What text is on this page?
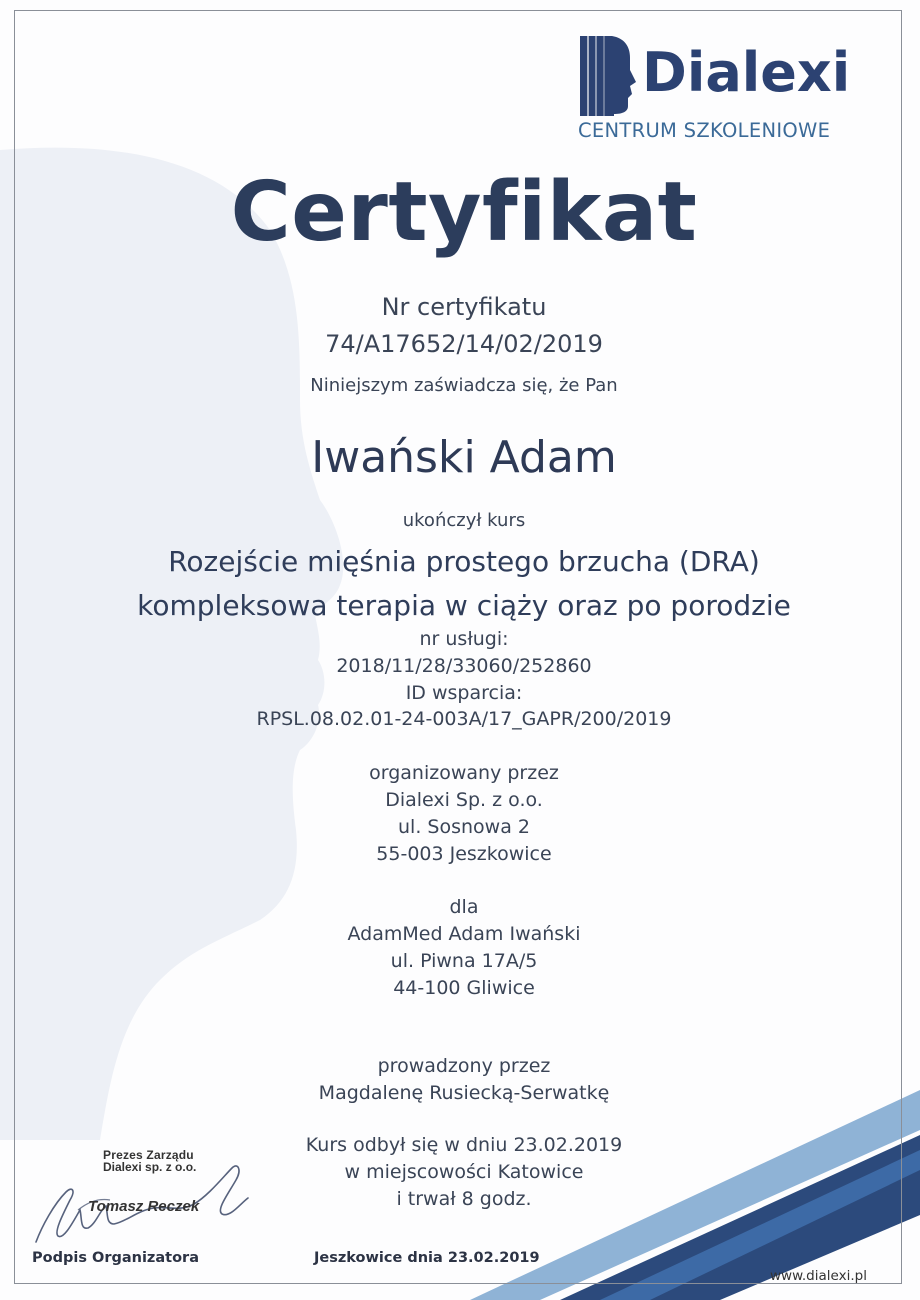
Dialexi
CENTRUM SZKOLENIOWE
Certyfikat
Nr certyfikatu
74/A17652/14/02/2019
Niniejszym zaświadcza się, że Pan
Iwański Adam
ukończył kurs
Rozejście mięśnia prostego brzucha (DRA)
kompleksowa terapia w ciąży oraz po porodzie
nr usługi:
2018/11/28/33060/252860
ID wsparcia:
RPSL.08.02.01-24-003A/17_GAPR/200/2019
organizowany przez
Dialexi Sp. z o.o.
ul. Sosnowa 2
55-003 Jeszkowice
dla
AdamMed Adam Iwański
ul. Piwna 17A/5
44-100 Gliwice
prowadzony przez
Magdalenę Rusiecką-Serwatkę
Kurs odbył się w dniu 23.02.2019
w miejscowości Katowice
i trwał 8 godz.
Prezes Zarządu
Dialexi sp. z o.o.
Tomasz Reczek
Podpis Organizatora	Jeszkowice dnia 23.02.2019
www.dialexi.pl
